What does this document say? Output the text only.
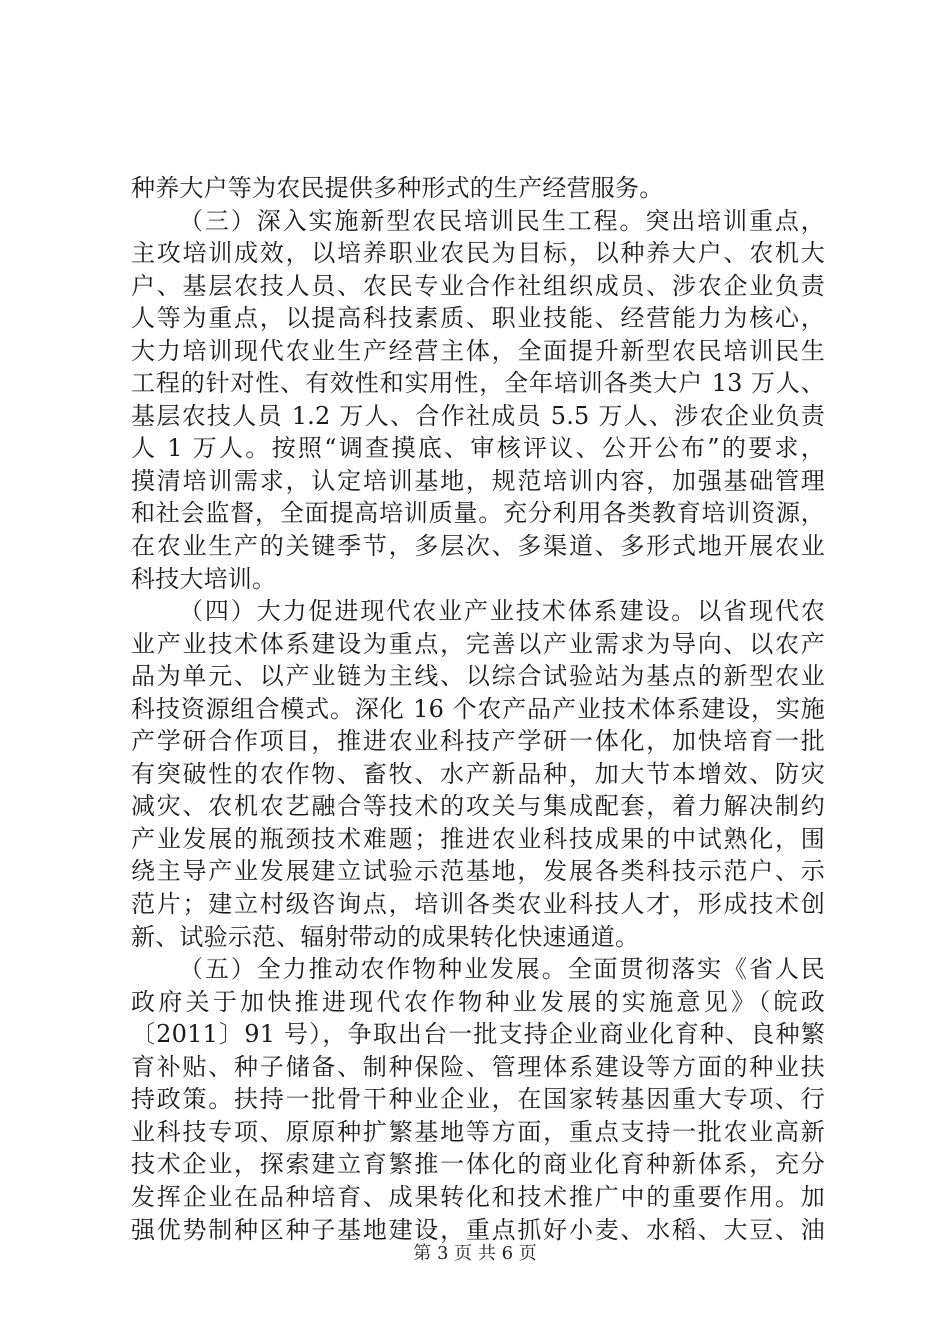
种养大户等为农民提供多种形式的生产经营服务。
（三）深入实施新型农民培训民生工程。突出培训重点，
主攻培训成效，以培养职业农民为目标，以种养大户、农机大
户、基层农技人员、农民专业合作社组织成员、涉农企业负责
人等为重点，以提高科技素质、职业技能、经营能力为核心，
大力培训现代农业生产经营主体，全面提升新型农民培训民生
工程的针对性、有效性和实用性，全年培训各类大户 13 万人、
基层农技人员 1.2 万人、合作社成员 5.5 万人、涉农企业负责
人 1 万人。按照“调查摸底、审核评议、公开公布”的要求，
摸清培训需求，认定培训基地，规范培训内容，加强基础管理
和社会监督，全面提高培训质量。充分利用各类教育培训资源，
在农业生产的关键季节，多层次、多渠道、多形式地开展农业
科技大培训。
（四）大力促进现代农业产业技术体系建设。以省现代农
业产业技术体系建设为重点，完善以产业需求为导向、以农产
品为单元、以产业链为主线、以综合试验站为基点的新型农业
科技资源组合模式。深化 16 个农产品产业技术体系建设，实施
产学研合作项目，推进农业科技产学研一体化，加快培育一批
有突破性的农作物、畜牧、水产新品种，加大节本增效、防灾
减灾、农机农艺融合等技术的攻关与集成配套，着力解决制约
产业发展的瓶颈技术难题；推进农业科技成果的中试熟化，围
绕主导产业发展建立试验示范基地，发展各类科技示范户、示
范片；建立村级咨询点，培训各类农业科技人才，形成技术创
新、试验示范、辐射带动的成果转化快速通道。
（五）全力推动农作物种业发展。全面贯彻落实《省人民
政府关于加快推进现代农作物种业发展的实施意见》（皖政
〔2011〕91 号），争取出台一批支持企业商业化育种、良种繁
育补贴、种子储备、制种保险、管理体系建设等方面的种业扶
持政策。扶持一批骨干种业企业，在国家转基因重大专项、行
业科技专项、原原种扩繁基地等方面，重点支持一批农业高新
技术企业，探索建立育繁推一体化的商业化育种新体系，充分
发挥企业在品种培育、成果转化和技术推广中的重要作用。加
强优势制种区种子基地建设，重点抓好小麦、水稻、大豆、油
第 3 页 共 6 页
